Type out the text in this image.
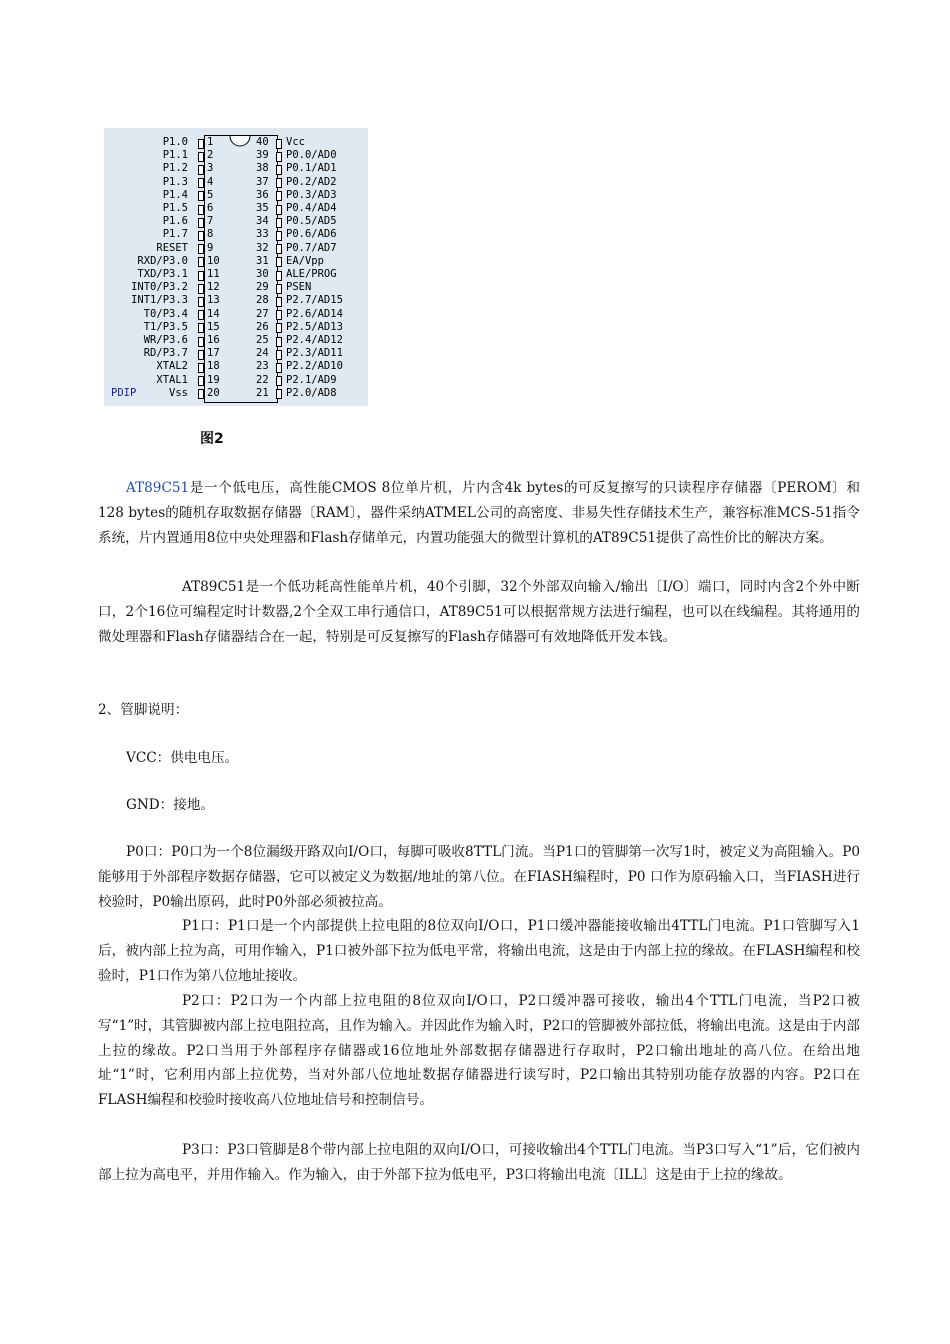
P1.0 1
P1.1 2
P1.2 3
P1.3 4
P1.4 5
P1.5 6
P1.6 7
P1.7 8
RESET 9
RXD/P3.0 10
TXD/P3.1 11
INT0/P3.2 12
INT1/P3.3 13
T0/P3.4 14
T1/P3.5 15
WR/P3.6 16
RD/P3.7 17
XTAL2 18
XTAL1 19
Vss 20
40 Vcc
39 P0.0/AD0
38 P0.1/AD1
37 P0.2/AD2
36 P0.3/AD3
35 P0.4/AD4
34 P0.5/AD5
33 P0.6/AD6
32 P0.7/AD7
31 EA/Vpp
30 ALE/PROG
29 PSEN
28 P2.7/AD15
27 P2.6/AD14
26 P2.5/AD13
25 P2.4/AD12
24 P2.3/AD11
23 P2.2/AD10
22 P2.1/AD9
21 P2.0/AD8
PDIP
图2

AT89C51是一个低电压，高性能CMOS 8位单片机，片内含4k bytes的可反复擦写的只读程序存储器〔PEROM〕和128 bytes的随机存取数据存储器〔RAM〕，器件采纳ATMEL公司的高密度、非易失性存储技术生产，兼容标准MCS-51指令系统，片内置通用8位中央处理器和Flash存储单元，内置功能强大的微型计算机的AT89C51提供了高性价比的解决方案。

AT89C51是一个低功耗高性能单片机，40个引脚，32个外部双向输入/输出〔I/O〕端口，同时内含2个外中断口，2个16位可编程定时计数器,2个全双工串行通信口，AT89C51可以根据常规方法进行编程，也可以在线编程。其将通用的微处理器和Flash存储器结合在一起，特别是可反复擦写的Flash存储器可有效地降低开发本钱。

2、管脚说明：

VCC：供电电压。

GND：接地。

P0口：P0口为一个8位漏级开路双向I/O口，每脚可吸收8TTL门流。当P1口的管脚第一次写1时，被定义为高阻输入。P0能够用于外部程序数据存储器，它可以被定义为数据/地址的第八位。在FIASH编程时，P0 口作为原码输入口，当FIASH进行校验时，P0输出原码，此时P0外部必须被拉高。

P1口：P1口是一个内部提供上拉电阻的8位双向I/O口，P1口缓冲器能接收输出4TTL门电流。P1口管脚写入1后，被内部上拉为高，可用作输入，P1口被外部下拉为低电平常，将输出电流，这是由于内部上拉的缘故。在FLASH编程和校验时，P1口作为第八位地址接收。

P2口：P2口为一个内部上拉电阻的8位双向I/O口，P2口缓冲器可接收，输出4个TTL门电流，当P2口被写“1”时，其管脚被内部上拉电阻拉高，且作为输入。并因此作为输入时，P2口的管脚被外部拉低，将输出电流。这是由于内部上拉的缘故。P2口当用于外部程序存储器或16位地址外部数据存储器进行存取时，P2口输出地址的高八位。在给出地址“1”时，它利用内部上拉优势，当对外部八位地址数据存储器进行读写时，P2口输出其特别功能存放器的内容。P2口在FLASH编程和校验时接收高八位地址信号和控制信号。

P3口：P3口管脚是8个带内部上拉电阻的双向I/O口，可接收输出4个TTL门电流。当P3口写入“1”后，它们被内部上拉为高电平，并用作输入。作为输入，由于外部下拉为低电平，P3口将输出电流〔ILL〕这是由于上拉的缘故。
